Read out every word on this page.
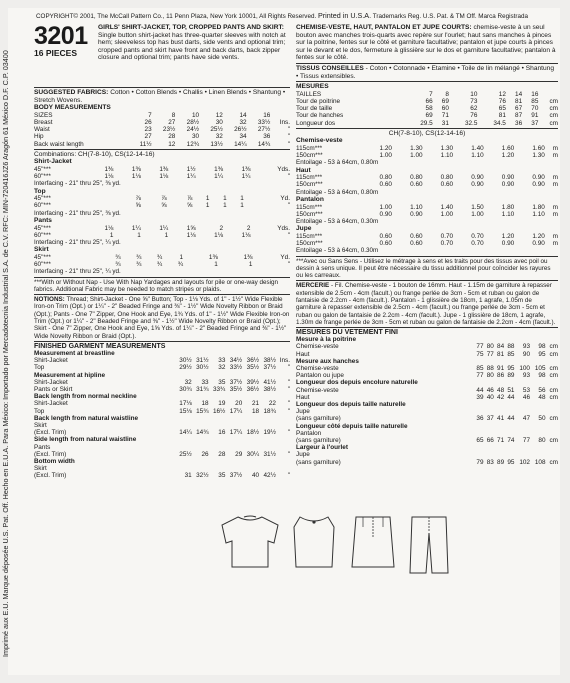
Imprimé aux E.U. Marque déposée U.S. Pat. Off. Hecho en E.U.A. Para México: Importado por Mercadotecnia Industrial S.A. de C.V. RFC: MIN-720416JZ6 Aragón 61 México D.F. C.P. 03400
COPYRIGHT© 2001, The McCall Pattern Co., 11 Penn Plaza, New York 10001, All Rights Reserved. Printed in U.S.A. Trademarks Reg. U.S. Pat. & TM Off. Marca Registrada
3201
16 PIECES
GIRLS' SHIRT-JACKET, TOP, CROPPED PANTS AND SKIRT: Single button shirt-jacket has three-quarter sleeves with notch at hem; sleeveless top has bust darts, side vents and optional trim; cropped pants and skirt have front and back darts, back zipper closure and optional trim; pants have side vents.
SUGGESTED FABRICS: Cotton • Cotton Blends • Challis • Linen Blends • Shantung • Stretch Wovens.
BODY MEASUREMENTS
SIZES	7	8	10	12	14	16	
Breast	26	27	28½	30	32	33½	Ins.
Waist	23	23½	24½	25½	26½	27½	"
Hip	27	28	30	32	34	36	"
Back waist length	11½	12	12¾	13½	14¼	14¾	"
Combinations: CH(7-8-10), CS(12-14-16)
Shirt-Jacket
45"***	1⅜	1⅜	1⅜	1½	1⅜	1⅜	Yds.
60"***	1⅛	1⅛	1⅛	1¼	1¼	1¼	"
Interfacing - 21" thru 25", ⅜ yd.
Top
45"***	⅞	⅞	⅞	1	1	1	Yd.
60"***	⅝	⅝	⅝	1	1	1	"
Interfacing - 21" thru 25", ⅜ yd.
Pants
45"***	1⅛	1¼	1¼	1⅝	2	2	Yds.
60"***	1	1	1	1⅛	1⅛	1⅛	"
Interfacing - 21" thru 25", ¼ yd.
Skirt
45"***	¾	¾	¾	1	1⅜	1⅜	Yd.
60"***	¾	¾	¾	¾	1	1	"
Interfacing - 21" thru 25", ¼ yd.
***With or Without Nap - Use With Nap Yardages and layouts for pile or one-way design fabrics. Additional Fabric may be needed to match stripes or plaids.
NOTIONS: Thread; Shirt-Jacket - One ⅝" Button; Top - 1⅛ Yds. of 1" - 1½" Wide Flexible Iron-on Trim (Opt.) or 1¼" - 2" Beaded Fringe and ⅜" - 1½" Wide Novelty Ribbon or Braid (Opt.); Pants - One 7" Zipper, One Hook and Eye, 1¾ Yds. of 1" - 1½" Wide Flexible Iron-on Trim (Opt.) or 1¼" - 2" Beaded Fringe and ⅜" - 1½" Wide Novelty Ribbon or Braid (Opt.); Skirt - One 7" Zipper, One Hook and Eye, 1⅝ Yds. of 1¼" - 2" Beaded Fringe and ⅜" - 1½" Wide Novelty Ribbon or Braid (Opt.).
FINISHED GARMENT MEASUREMENTS
Measurement at breastline							
Shirt-Jacket	30½	31½	33	34½	36½	38½	Ins.
Top	29½	30½	32	33½	35½	37½	"
Measurement at hipline							
Shirt-Jacket	32	33	35	37½	39½	41½	"
Pants or Skirt	30¾	31¾	33¾	35½	36½	38½	"
Back length from normal neckline							
Shirt-Jacket	17⅛	18	19	20	21	22	"
Top	15⅛	15¾	16½	17¼	18	18¾	"
Back length from natural waistline							
Skirt							
(Excl. Trim)	14¼	14¾	16	17¼	18½	19½	"
Side length from natural waistline							
Pants							
(Excl. Trim)	25½	26	28	29	30¼	31½	"
Bottom width							
Skirt							
(Excl. Trim)	31	32½	35	37½	40	42½	"
CHEMISE-VESTE, HAUT, PANTALON ET JUPE COURTS: chemise-veste à un seul bouton avec manches trois-quarts avec repère sur l'ourlet; haut sans manches à pinces sur la poitrine, fentes sur le côté et garniture facultative; pantalon et jupe courts à pinces sur le devant et le dos, fermeture à glissière sur le dos et garniture facultative; pantalon à fentes sur le côté.
TISSUS CONSEILLES - Coton • Cotonnade • Etamine • Toile de lin mélangé • Shantung • Tissus extensibles.
MESURES
TAILLES	7	8	10	12	14	16	
Tour de poitrine	66	69	73	76	81	85	cm
Tour de taille	58	60	62	65	67	70	cm
Tour de hanches	69	71	76	81	87	91	cm
Longueur dos	29.5	31	32.5	34.5	36	37	cm
CH(7-8-10), CS(12-14-16)
Chemise-veste
115cm***	1.20	1.30	1.30	1.40	1.60	1.60	m
150cm***	1.00	1.00	1.10	1.10	1.20	1.30	m
Entoilage - 53 à 64cm, 0.80m
Haut
115cm***	0.80	0.80	0.80	0.90	0.90	0.90	m
150cm***	0.60	0.60	0.60	0.90	0.90	0.90	m
Entoilage - 53 à 64cm, 0.80m
Pantalon
115cm***	1.00	1.10	1.40	1.50	1.80	1.80	m
150cm***	0.90	0.90	1.00	1.00	1.10	1.10	m
Entoilage - 53 à 64cm, 0.30m
Jupe
115cm***	0.60	0.60	0.70	0.70	1.20	1.20	m
150cm***	0.60	0.60	0.70	0.70	0.90	0.90	m
Entoilage - 53 à 64cm, 0.30m
***Avec ou Sans Sens - Utilisez le métrage à sens et les traits pour des tissus avec poil ou dessin à sens unique. Il peut être nécessaire du tissu additionnel pour coïncider les rayures ou les carreaux.
MERCERIE - Fil. Chemise-veste - 1 bouton de 16mm. Haut - 1.15m de garniture à repasser extensible de 2.5cm - 4cm (facult.) ou frange perlée de 3cm - 5cm et ruban ou galon de fantaisie de 2.2cm - 4cm (facult.). Pantalon - 1 glissière de 18cm, 1 agrafe, 1.05m de garniture à repasser extensible de 2.5cm - 4cm (facult.) ou frange perlée de 3cm - 5cm et ruban ou galon de fantaisie de 2.2cm - 4cm (facult.). Jupe - 1 glissière de 18cm, 1 agrafe, 1.30m de frange perlée de 3cm - 5cm et ruban ou galon de fantaisie de 2.2cm - 4cm (facult.).
MESURES DU VETEMENT FINI
Mesure à la poitrine							
Chemise-veste	77	80	84	88	93	98	cm
Haut	75	77	81	85	90	95	cm
Mesure aux hanches							
Chemise-veste	85	88	91	95	100	105	cm
Pantalon ou jupe	77	80	86	89	93	98	cm
Longueur dos depuis encolure naturelle							
Chemise-veste	44	46	48	51	53	56	cm
Haut	39	40	42	44	46	48	cm
Longueur dos depuis taille naturelle							
Jupe							
(sans garniture)	36	37	41	44	47	50	cm
Longueur côté depuis taille naturelle							
Pantalon							
(sans garniture)	65	66	71	74	77	80	cm
Largeur à l'ourlet							
Jupe							
(sans garniture)	79	83	89	95	102	108	cm
